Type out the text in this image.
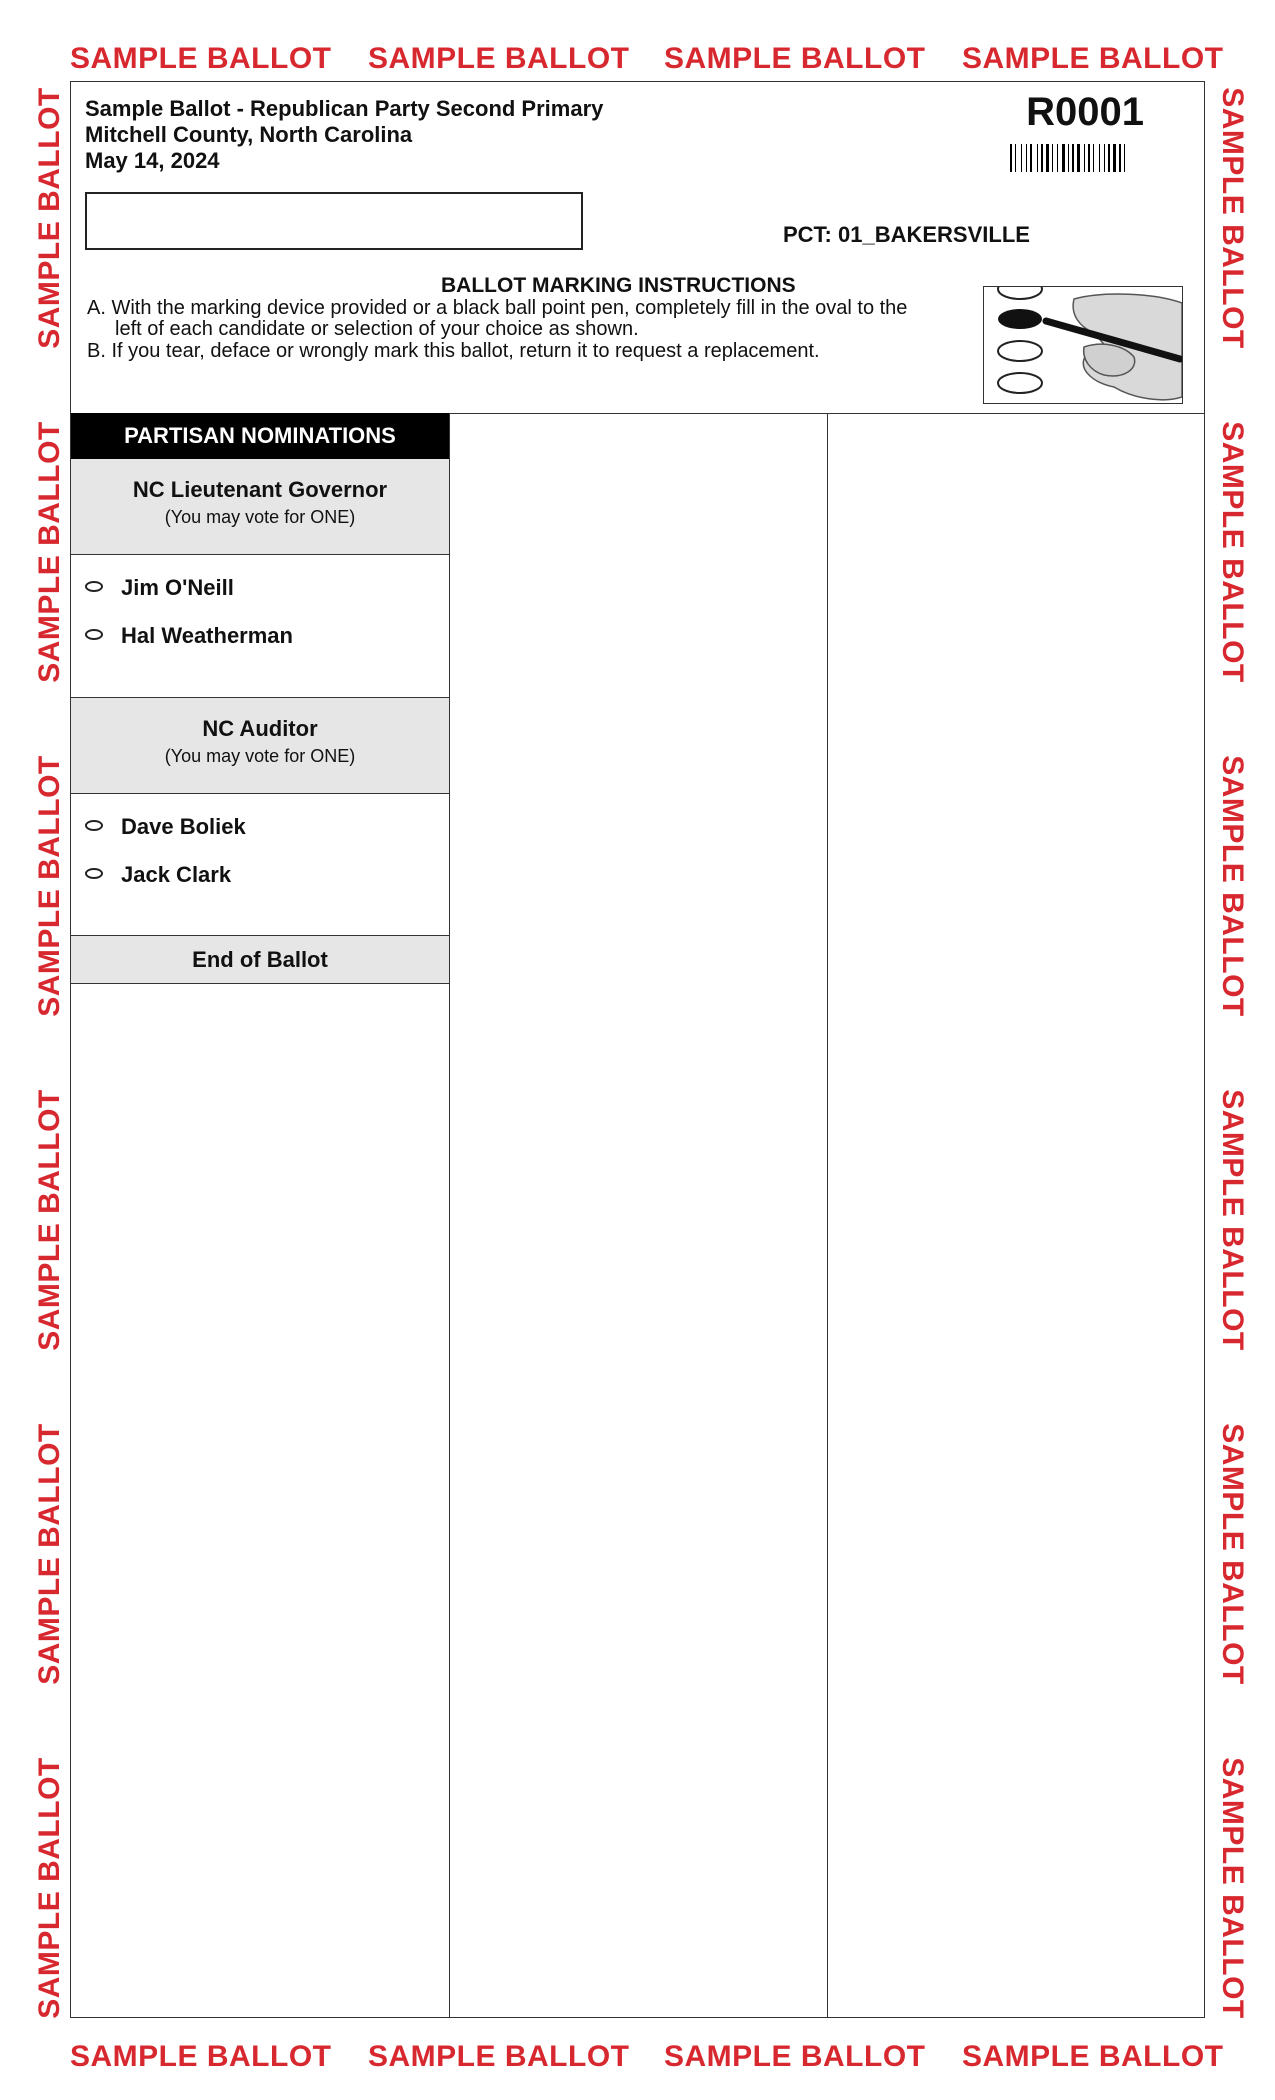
SAMPLE BALLOT SAMPLE BALLOT SAMPLE BALLOT SAMPLE BALLOT
SAMPLE BALLOT SAMPLE BALLOT SAMPLE BALLOT SAMPLE BALLOT
SAMPLE BALLOT
SAMPLE BALLOT
SAMPLE BALLOT
SAMPLE BALLOT
SAMPLE BALLOT
SAMPLE BALLOT
SAMPLE BALLOT
SAMPLE BALLOT
SAMPLE BALLOT
SAMPLE BALLOT
SAMPLE BALLOT
SAMPLE BALLOT
Sample Ballot - Republican Party Second Primary
Mitchell County, North Carolina
May 14, 2024
R0001
PCT: 01_BAKERSVILLE
BALLOT MARKING INSTRUCTIONS
A. With the marking device provided or a black ball point pen, completely fill in the oval to the
left of each candidate or selection of your choice as shown.
B. If you tear, deface or wrongly mark this ballot, return it to request a replacement.
PARTISAN NOMINATIONS
NC Lieutenant Governor
(You may vote for ONE)
Jim O'Neill
Hal Weatherman
NC Auditor
(You may vote for ONE)
Dave Boliek
Jack Clark
End of Ballot
